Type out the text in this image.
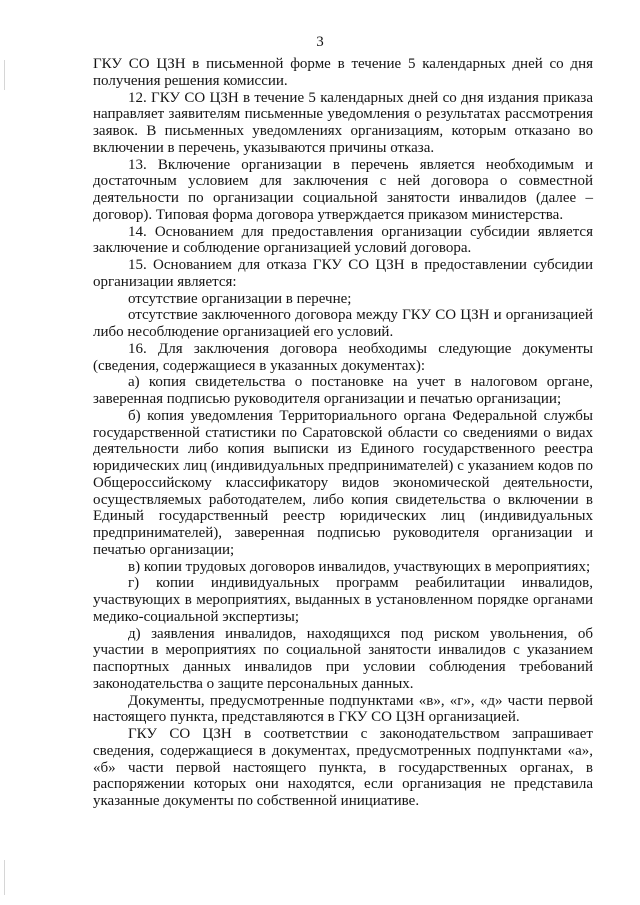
3

ГКУ СО ЦЗН в письменной форме в течение 5 календарных дней со дня получения решения комиссии.

12. ГКУ СО ЦЗН в течение 5 календарных дней со дня издания приказа направляет заявителям письменные уведомления о результатах рассмотрения заявок. В письменных уведомлениях организациям, которым отказано во включении в перечень, указываются причины отказа.

13. Включение организации в перечень является необходимым и достаточным условием для заключения с ней договора о совместной деятельности по организации социальной занятости инвалидов (далее – договор). Типовая форма договора утверждается приказом министерства.

14. Основанием для предоставления организации субсидии является заключение и соблюдение организацией условий договора.

15. Основанием для отказа ГКУ СО ЦЗН в предоставлении субсидии организации является:

отсутствие организации в перечне;

отсутствие заключенного договора между ГКУ СО ЦЗН и организацией либо несоблюдение организацией его условий.

16. Для заключения договора необходимы следующие документы (сведения, содержащиеся в указанных документах):

а) копия свидетельства о постановке на учет в налоговом органе, заверенная подписью руководителя организации и печатью организации;

б) копия уведомления Территориального органа Федеральной службы государственной статистики по Саратовской области со сведениями о видах деятельности либо копия выписки из Единого государственного реестра юридических лиц (индивидуальных предпринимателей) с указанием кодов по Общероссийскому классификатору видов экономической деятельности, осуществляемых работодателем, либо копия свидетельства о включении в Единый государственный реестр юридических лиц (индивидуальных предпринимателей), заверенная подписью руководителя организации и печатью организации;

в) копии трудовых договоров инвалидов, участвующих в мероприятиях;

г) копии индивидуальных программ реабилитации инвалидов, участвующих в мероприятиях, выданных в установленном порядке органами медико-социальной экспертизы;

д) заявления инвалидов, находящихся под риском увольнения, об участии в мероприятиях по социальной занятости инвалидов с указанием паспортных данных инвалидов при условии соблюдения требований законодательства о защите персональных данных.

Документы, предусмотренные подпунктами «в», «г», «д» части первой настоящего пункта, представляются в ГКУ СО ЦЗН организацией.

ГКУ СО ЦЗН в соответствии с законодательством запрашивает сведения, содержащиеся в документах, предусмотренных подпунктами «а», «б» части первой настоящего пункта, в государственных органах, в распоряжении которых они находятся, если организация не представила указанные документы по собственной инициативе.
